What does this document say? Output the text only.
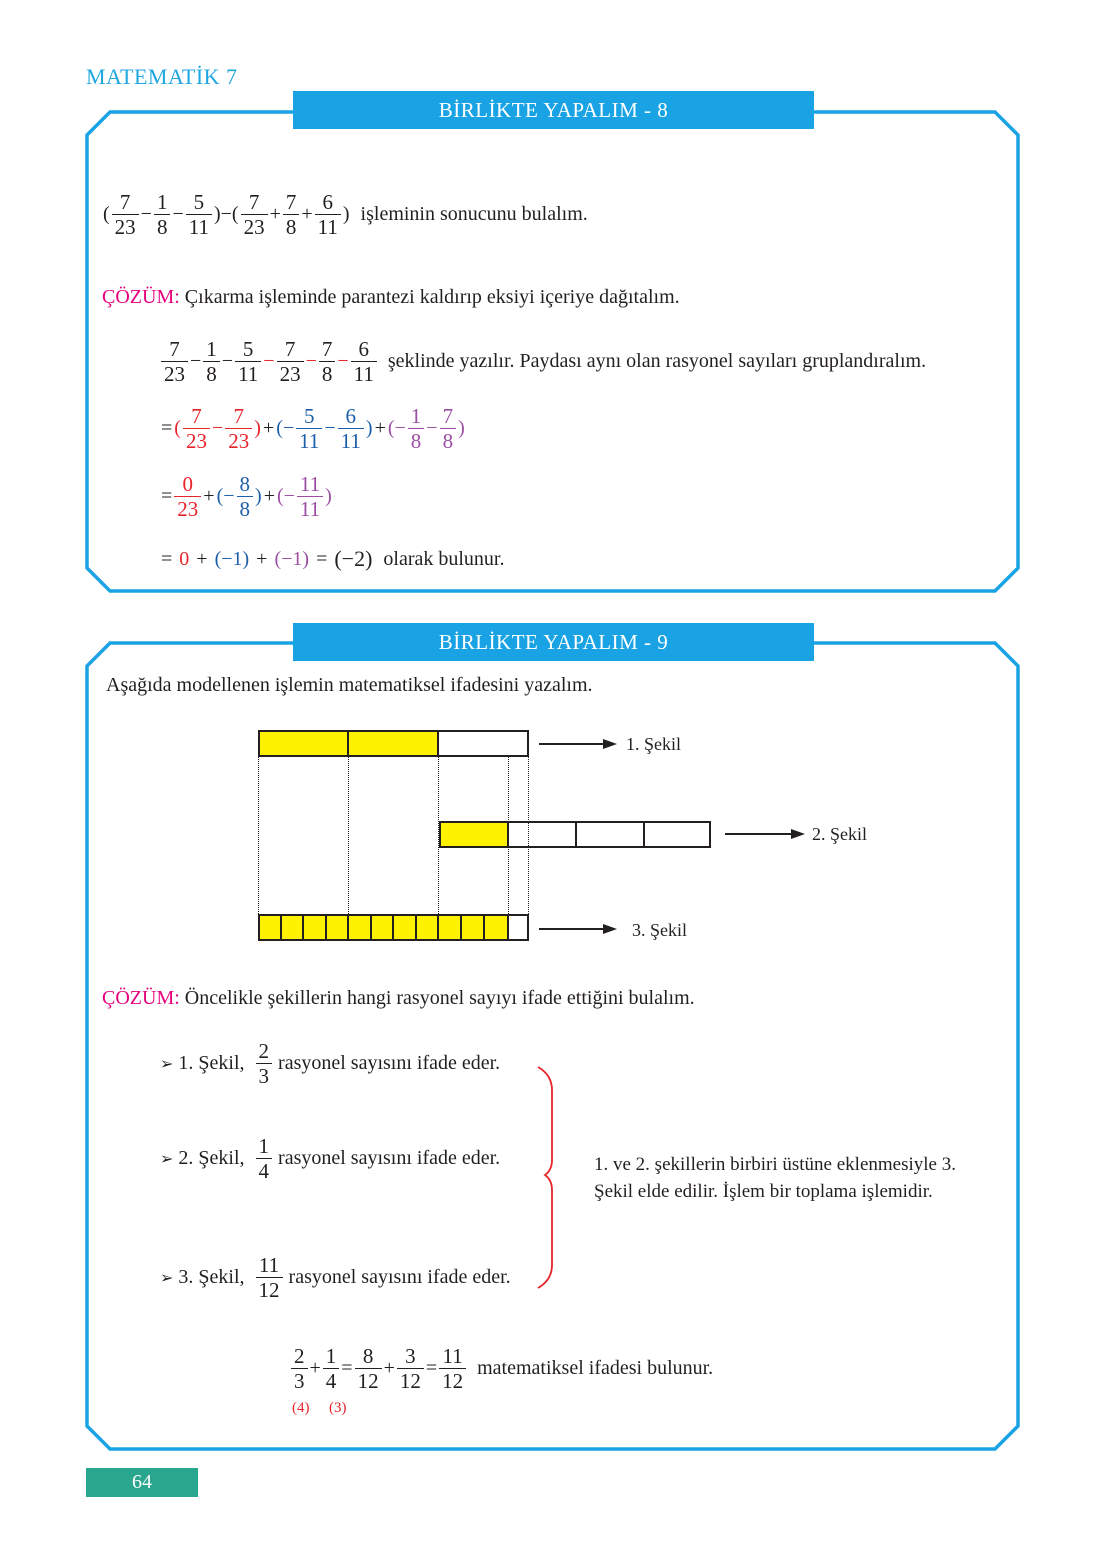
MATEMATİK 7
BİRLİKTE YAPALIM - 8
( $\frac{7}{23} - \frac{1}{8} - \frac{5}{11}$ )−( $\frac{7}{23} + \frac{7}{8} + \frac{6}{11}$ ) işleminin sonucunu bulalım.
ÇÖZÜM: Çıkarma işleminde parantezi kaldırıp eksiyi içeriye dağıtalım.
$\frac{7}{23} - \frac{1}{8} - \frac{5}{11} - \frac{7}{23} - \frac{7}{8} - \frac{6}{11}$ şeklinde yazılır. Paydası aynı olan rasyonel sayıları gruplandıralım.
= ( $\frac{7}{23} - \frac{7}{23}$ ) + (− $\frac{5}{11} - \frac{6}{11}$ ) + (− $\frac{1}{8} - \frac{7}{8}$ )
= $\frac{0}{23}$ + (− $\frac{8}{8}$ ) + (− $\frac{11}{11}$ )
= 0 + (−1) + (−1) = (−2) olarak bulunur.
BİRLİKTE YAPALIM - 9
Aşağıda modellenen işlemin matematiksel ifadesini yazalım.
1. Şekil
2. Şekil
3. Şekil
ÇÖZÜM: Öncelikle şekillerin hangi rasyonel sayıyı ifade ettiğini bulalım.
➢
1. Şekil,
$\frac{2}{3}$
rasyonel sayısını ifade eder.
➢
2. Şekil,
$\frac{1}{4}$
rasyonel sayısını ifade eder.
➢
3. Şekil,
$\frac{11}{12}$
rasyonel sayısını ifade eder.
1. ve 2. şekillerin birbiri üstüne eklenmesiyle 3.
Şekil elde edilir. İşlem bir toplama işlemidir.
$\frac{2}{3} + \frac{1}{4} = \frac{8}{12} + \frac{3}{12} = \frac{11}{12}$ matematiksel ifadesi bulunur.
(4) (3)
64
